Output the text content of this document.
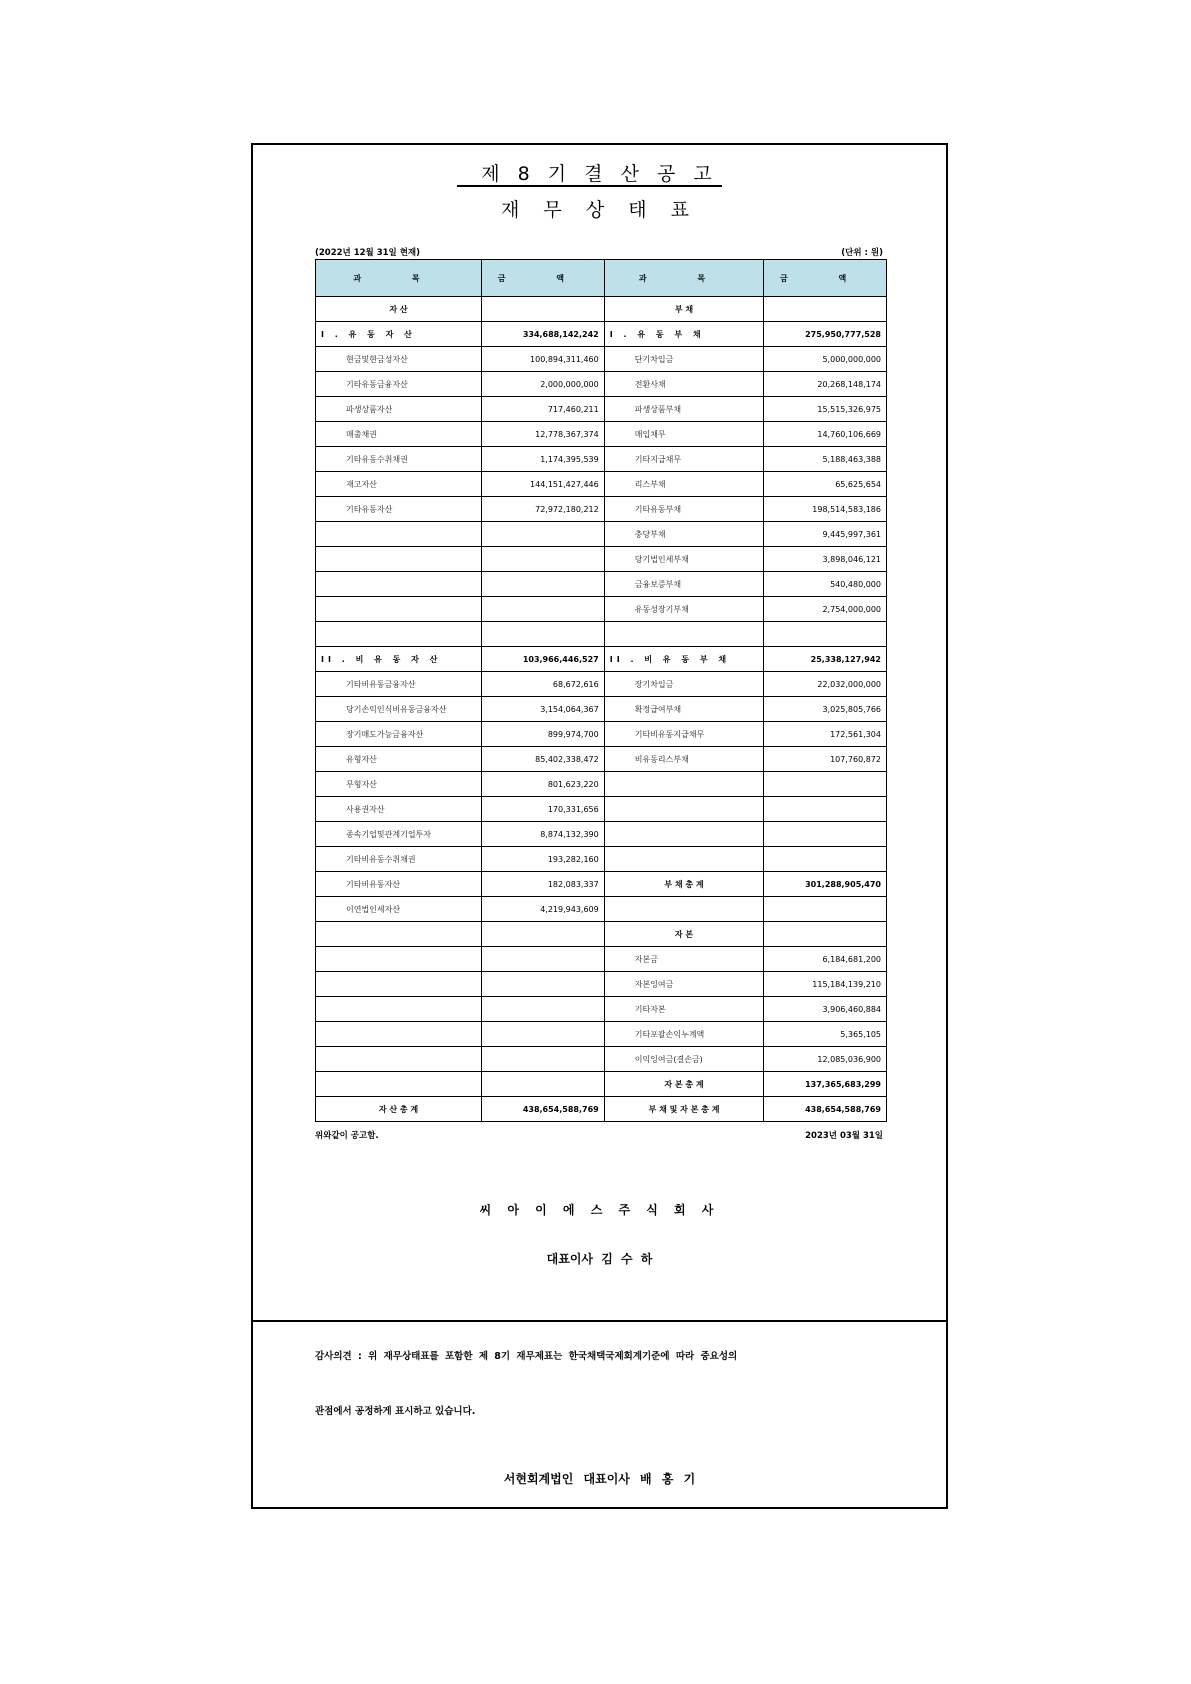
제 8 기 결 산 공 고
재 무 상 태 표
(2022년 12월 31일 현재)	(단위 : 원)
과 목	금 액	과 목	금 액
자 산		부 채	
I . 유 동 자 산	334,688,142,242	I . 유 동 부 채	275,950,777,528
현금및현금성자산	100,894,311,460	단기차입금	5,000,000,000
기타유동금융자산	2,000,000,000	전환사채	20,268,148,174
파생상품자산	717,460,211	파생상품부채	15,515,326,975
매출채권	12,778,367,374	매입채무	14,760,106,669
기타유동수취채권	1,174,395,539	기타지급채무	5,188,463,388
재고자산	144,151,427,446	리스부채	65,625,654
기타유동자산	72,972,180,212	기타유동부채	198,514,583,186
		충당부채	9,445,997,361
		당기법인세부채	3,898,046,121
		금융보증부채	540,480,000
		유동성장기부채	2,754,000,000

II . 비 유 동 자 산	103,966,446,527	II . 비 유 동 부 채	25,338,127,942
기타비유동금융자산	68,672,616	장기차입금	22,032,000,000
당기손익인식비유동금융자산	3,154,064,367	확정급여부채	3,025,805,766
장기매도가능금융자산	899,974,700	기타비유동지급채무	172,561,304
유형자산	85,402,338,472	비유동리스부채	107,760,872
무형자산	801,623,220		
사용권자산	170,331,656		
종속기업및관계기업투자	8,874,132,390		
기타비유동수취채권	193,282,160		
기타비유동자산	182,083,337	부 채 총 계	301,288,905,470
이연법인세자산	4,219,943,609		
		자 본	
		자본금	6,184,681,200
		자본잉여금	115,184,139,210
		기타자본	3,906,460,884
		기타포괄손익누계액	5,365,105
		이익잉여금(결손금)	12,085,036,900
		자 본 총 계	137,365,683,299
자 산 총 계	438,654,588,769	부 채 및 자 본 총 계	438,654,588,769
위와같이 공고함.	2023년 03월 31일
씨 아 이 에 스 주 식 회 사
대표이사 김 수 하
감사의견 : 위 재무상태표를 포함한 제 8기 재무제표는 한국채택국제회계기준에 따라 중요성의
관점에서 공정하게 표시하고 있습니다.
서현회계법인 대표이사 배 홍 기
